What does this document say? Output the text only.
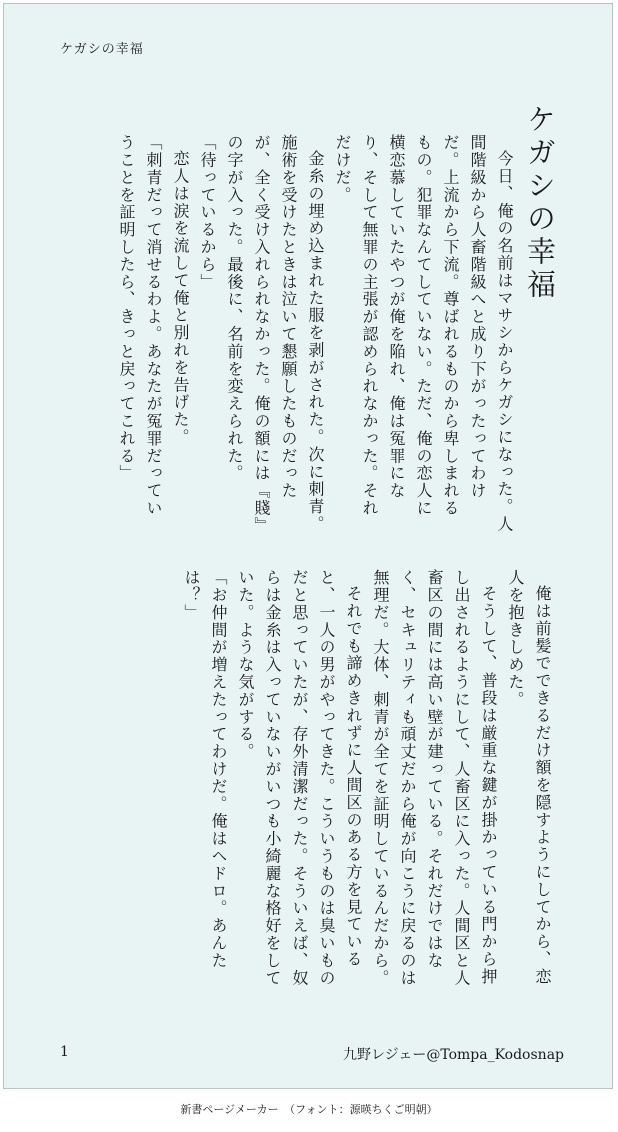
ケガシの幸福
ケガシの幸福

今日、俺の名前はマサシからケガシになった。人間階級から人畜階級へと成り下がったってわけだ。上流から下流。尊ばれるものから卑しまれるもの。犯罪なんてしていない。ただ、俺の恋人に横恋慕していたやつが俺を陥れ、俺は冤罪になり、そして無罪の主張が認められなかった。それだけだ。

金糸の埋め込まれた服を剥がされた。次に刺青。施術を受けたときは泣いて懇願したものだったが、全く受け入れられなかった。俺の額には『賤』の字が入った。最後に、名前を変えられた。

「待っているから」

恋人は涙を流して俺と別れを告げた。

「刺青だって消せるわよ。あなたが冤罪だっていうことを証明したら、きっと戻ってこれる」

俺は前髪でできるだけ額を隠すようにしてから、恋人を抱きしめた。

そうして、普段は厳重な鍵が掛かっている門から押し出されるようにして、人畜区に入った。人間区と人畜区の間には高い壁が建っている。それだけではなく、セキュリティも頑丈だから俺が向こうに戻るのは無理だ。大体、刺青が全てを証明しているんだから。

それでも諦めきれずに人間区のある方を見ていると、一人の男がやってきた。こういうものは臭いものだと思っていたが、存外清潔だった。そういえば、奴らは金糸は入っていないがいつも小綺麗な格好をしていた。ような気がする。

「お仲間が増えたってわけだ。俺はヘドロ。あんたは？」

1	九野レジェー@Tompa_Kodosnap
新書ページメーカー　（フォント：源暎ちくご明朝）
